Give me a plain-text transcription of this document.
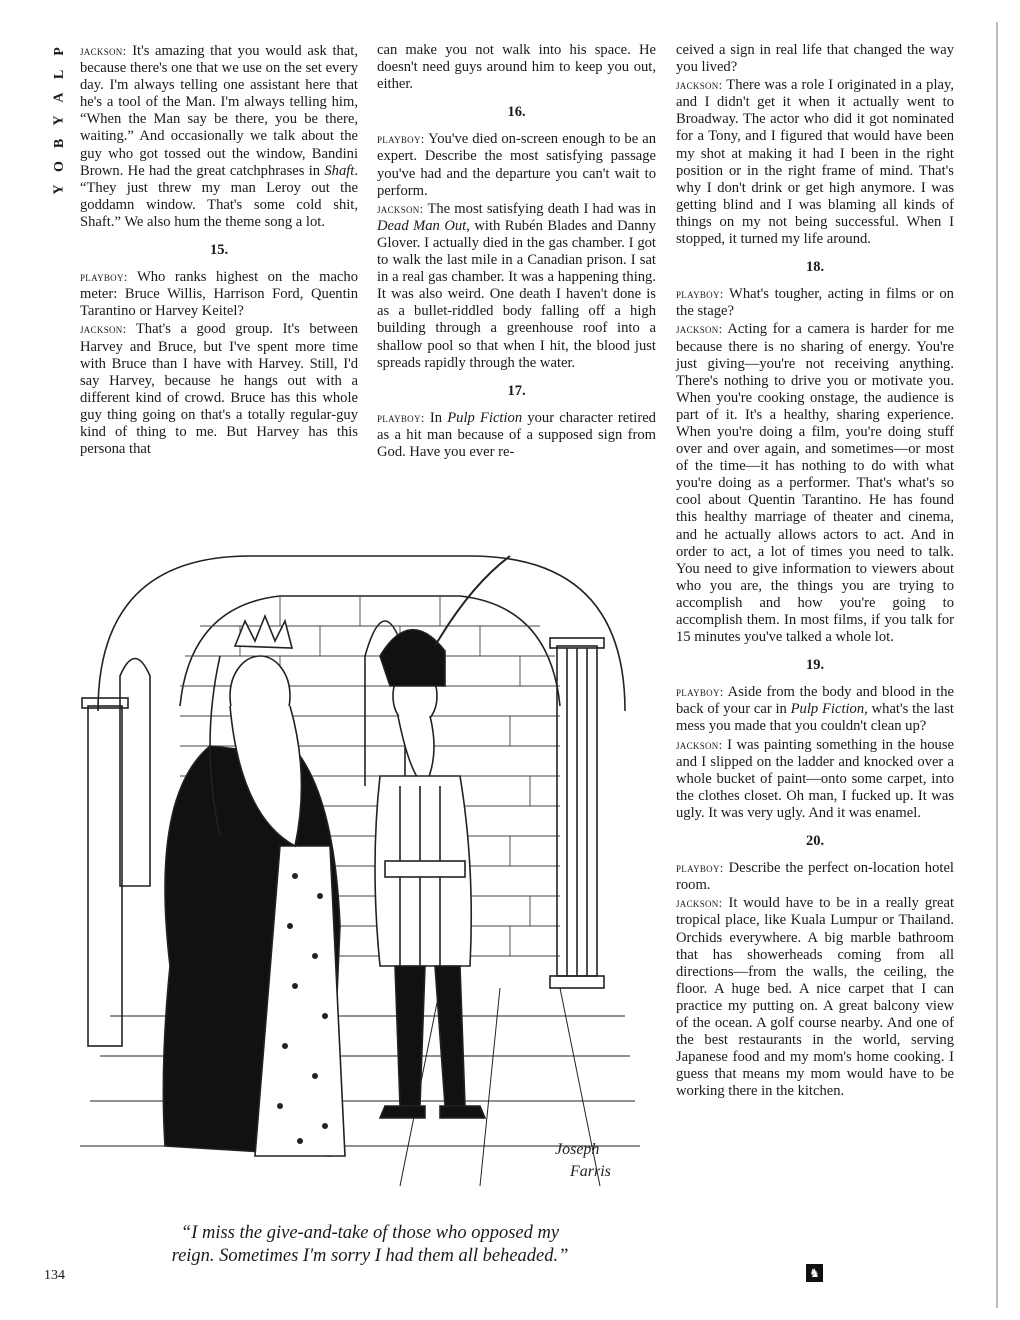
P
L
A
Y
B
O
Y

jackson: It's amazing that you would ask that, because there's one that we use on the set every day. I'm always telling one assistant here that he's a tool of the Man. I'm always telling him, “When the Man say be there, you be there, waiting.” And occasionally we talk about the guy who got tossed out the window, Bandini Brown. He had the great catchphrases in Shaft. “They just threw my man Leroy out the goddamn window. That's some cold shit, Shaft.” We also hum the theme song a lot.

15.

playboy: Who ranks highest on the macho meter: Bruce Willis, Harrison Ford, Quentin Tarantino or Harvey Keitel?

jackson: That's a good group. It's between Harvey and Bruce, but I've spent more time with Bruce than I have with Harvey. Still, I'd say Harvey, because he hangs out with a different kind of crowd. Bruce has this whole guy thing going on that's a totally regular-guy kind of thing to me. But Harvey has this persona that

can make you not walk into his space. He doesn't need guys around him to keep you out, either.

16.

playboy: You've died on-screen enough to be an expert. Describe the most satisfying passage you've had and the departure you can't wait to perform.

jackson: The most satisfying death I had was in Dead Man Out, with Rubén Blades and Danny Glover. I actually died in the gas chamber. I got to walk the last mile in a Canadian prison. I sat in a real gas chamber. It was a happening thing. It was also weird. One death I haven't done is as a bullet-riddled body falling off a high building through a greenhouse roof into a shallow pool so that when I hit, the blood just spreads rapidly through the water.

17.

playboy: In Pulp Fiction your character retired as a hit man because of a supposed sign from God. Have you ever re-

ceived a sign in real life that changed the way you lived?

jackson: There was a role I originated in a play, and I didn't get it when it actually went to Broadway. The actor who did it got nominated for a Tony, and I figured that would have been my shot at making it had I been in the right position or in the right frame of mind. That's why I don't drink or get high anymore. I was getting blind and I was blaming all kinds of things on my not being successful. When I stopped, it turned my life around.

18.

playboy: What's tougher, acting in films or on the stage?

jackson: Acting for a camera is harder for me because there is no sharing of energy. You're just giving—you're not receiving anything. There's nothing to drive you or motivate you. When you're cooking onstage, the audience is part of it. It's a healthy, sharing experience. When you're doing a film, you're doing stuff over and over again, and sometimes—or most of the time—it has nothing to do with what you're doing as a performer. That's what's so cool about Quentin Tarantino. He has found this healthy marriage of theater and cinema, and he actually allows actors to act. And in order to act, a lot of times you need to talk. You need to give information to viewers about who you are, the things you are trying to accomplish and how you're going to accomplish them. In most films, if you talk for 15 minutes you've talked a whole lot.

19.

playboy: Aside from the body and blood in the back of your car in Pulp Fiction, what's the last mess you made that you couldn't clean up?

jackson: I was painting something in the house and I slipped on the ladder and knocked over a whole bucket of paint—onto some carpet, into the clothes closet. Oh man, I fucked up. It was ugly. It was very ugly. And it was enamel.

20.

playboy: Describe the perfect on-location hotel room.

jackson: It would have to be in a really great tropical place, like Kuala Lumpur or Thailand. Orchids everywhere. A big marble bathroom that has showerheads coming from all directions—from the walls, the ceiling, the floor. A huge bed. A nice carpet that I can practice my putting on. A great balcony view of the ocean. A golf course nearby. And one of the best restaurants in the world, serving Japanese food and my mom's home cooking. I guess that means my mom would have to be working there in the kitchen.

Joseph
Farris
“I miss the give-and-take of those who opposed my reign. Sometimes I'm sorry I had them all beheaded.”
134	♞
